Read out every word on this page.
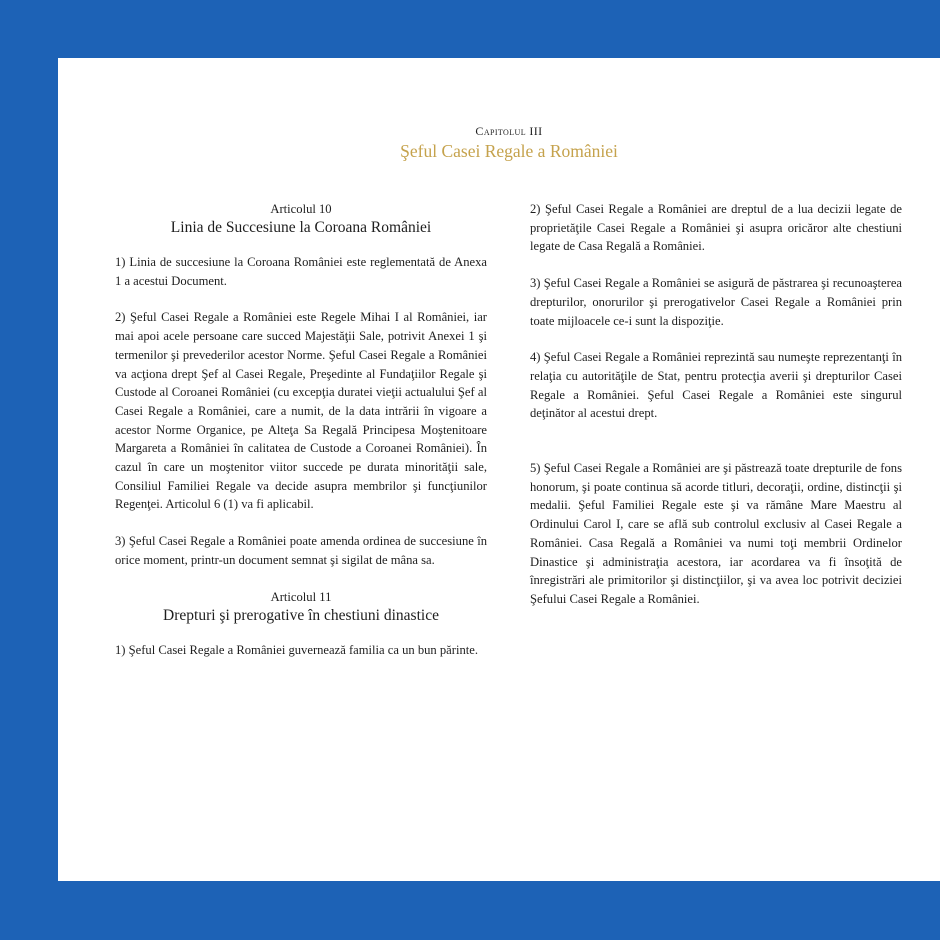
Capitolul III
Şeful Casei Regale a României
Articolul 10
Linia de Succesiune la Coroana României

1) Linia de succesiune la Coroana României este reglementată de Anexa 1 a acestui Document.

2) Şeful Casei Regale a României este Regele Mihai I al României, iar mai apoi acele persoane care succed Majestăţii Sale, potrivit Anexei 1 şi termenilor şi prevederilor acestor Norme. Şeful Casei Regale a României va acţiona drept Şef al Casei Regale, Preşedinte al Fundaţiilor Regale şi Custode al Coroanei României (cu excepţia duratei vieţii actualului Şef al Casei Regale a României, care a numit, de la data intrării în vigoare a acestor Norme Organice, pe Alteţa Sa Regală Principesa Moştenitoare Margareta a României în calitatea de Custode a Coroanei României). În cazul în care un moştenitor viitor succede pe durata minorităţii sale, Consiliul Familiei Regale va decide asupra membrilor şi funcţiunilor Regenţei. Articolul 6 (1) va fi aplicabil.

3) Şeful Casei Regale a României poate amenda ordinea de succesiune în orice moment, printr-un document semnat şi sigilat de mâna sa.

Articolul 11
Drepturi şi prerogative în chestiuni dinastice

1) Şeful Casei Regale a României guvernează familia ca un bun părinte.

2) Şeful Casei Regale a României are dreptul de a lua decizii legate de proprietăţile Casei Regale a României şi asupra oricăror alte chestiuni legate de Casa Regală a României.

3) Şeful Casei Regale a României se asigură de păstrarea şi recunoaşterea drepturilor, onorurilor şi prerogativelor Casei Regale a României prin toate mijloacele ce-i sunt la dispoziţie.

4) Şeful Casei Regale a României reprezintă sau numeşte reprezentanţi în relaţia cu autorităţile de Stat, pentru protecţia averii şi drepturilor Casei Regale a României. Şeful Casei Regale a României este singurul deţinător al acestui drept.

5) Şeful Casei Regale a României are şi păstrează toate drepturile de fons honorum, şi poate continua să acorde titluri, decoraţii, ordine, distincţii şi medalii. Şeful Familiei Regale este şi va rămâne Mare Maestru al Ordinului Carol I, care se află sub controlul exclusiv al Casei Regale a României. Casa Regală a României va numi toţi membrii Ordinelor Dinastice şi administraţia acestora, iar acordarea va fi însoţită de înregistrări ale primitorilor şi distincţiilor, şi va avea loc potrivit deciziei Şefului Casei Regale a României.
